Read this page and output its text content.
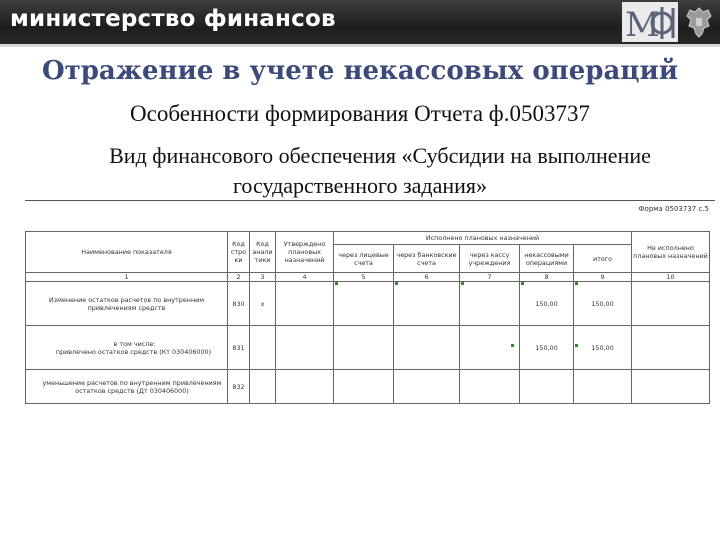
министерство финансов	М
Отражение в учете некассовых операций
Особенности формирования Отчета ф.0503737
Вид финансового обеспечения «Субсидии на выполнение
государственного задания»
Форма 0503737 с.5
Наименование показателя	Код стро ки	Код анали тики	Утверждено плановых назначений	Исполнено плановых назначений					Не исполнено плановых назначений
				через лицевые счета	через банковские счета	через кассу учреждения	некассовыми операциями	итого	
1	2	3	4	5	6	7	8	9	10
Изменение остатков расчетов по внутренним привлечениям средств	830	х					150,00	150,00	

в том числе:
привлечено остатков средств (Кт 030406000)	831						150,00	150,00	
уменьшение расчетов по внутренним привлечениям остатков средств (Дт 030406000)	832								
